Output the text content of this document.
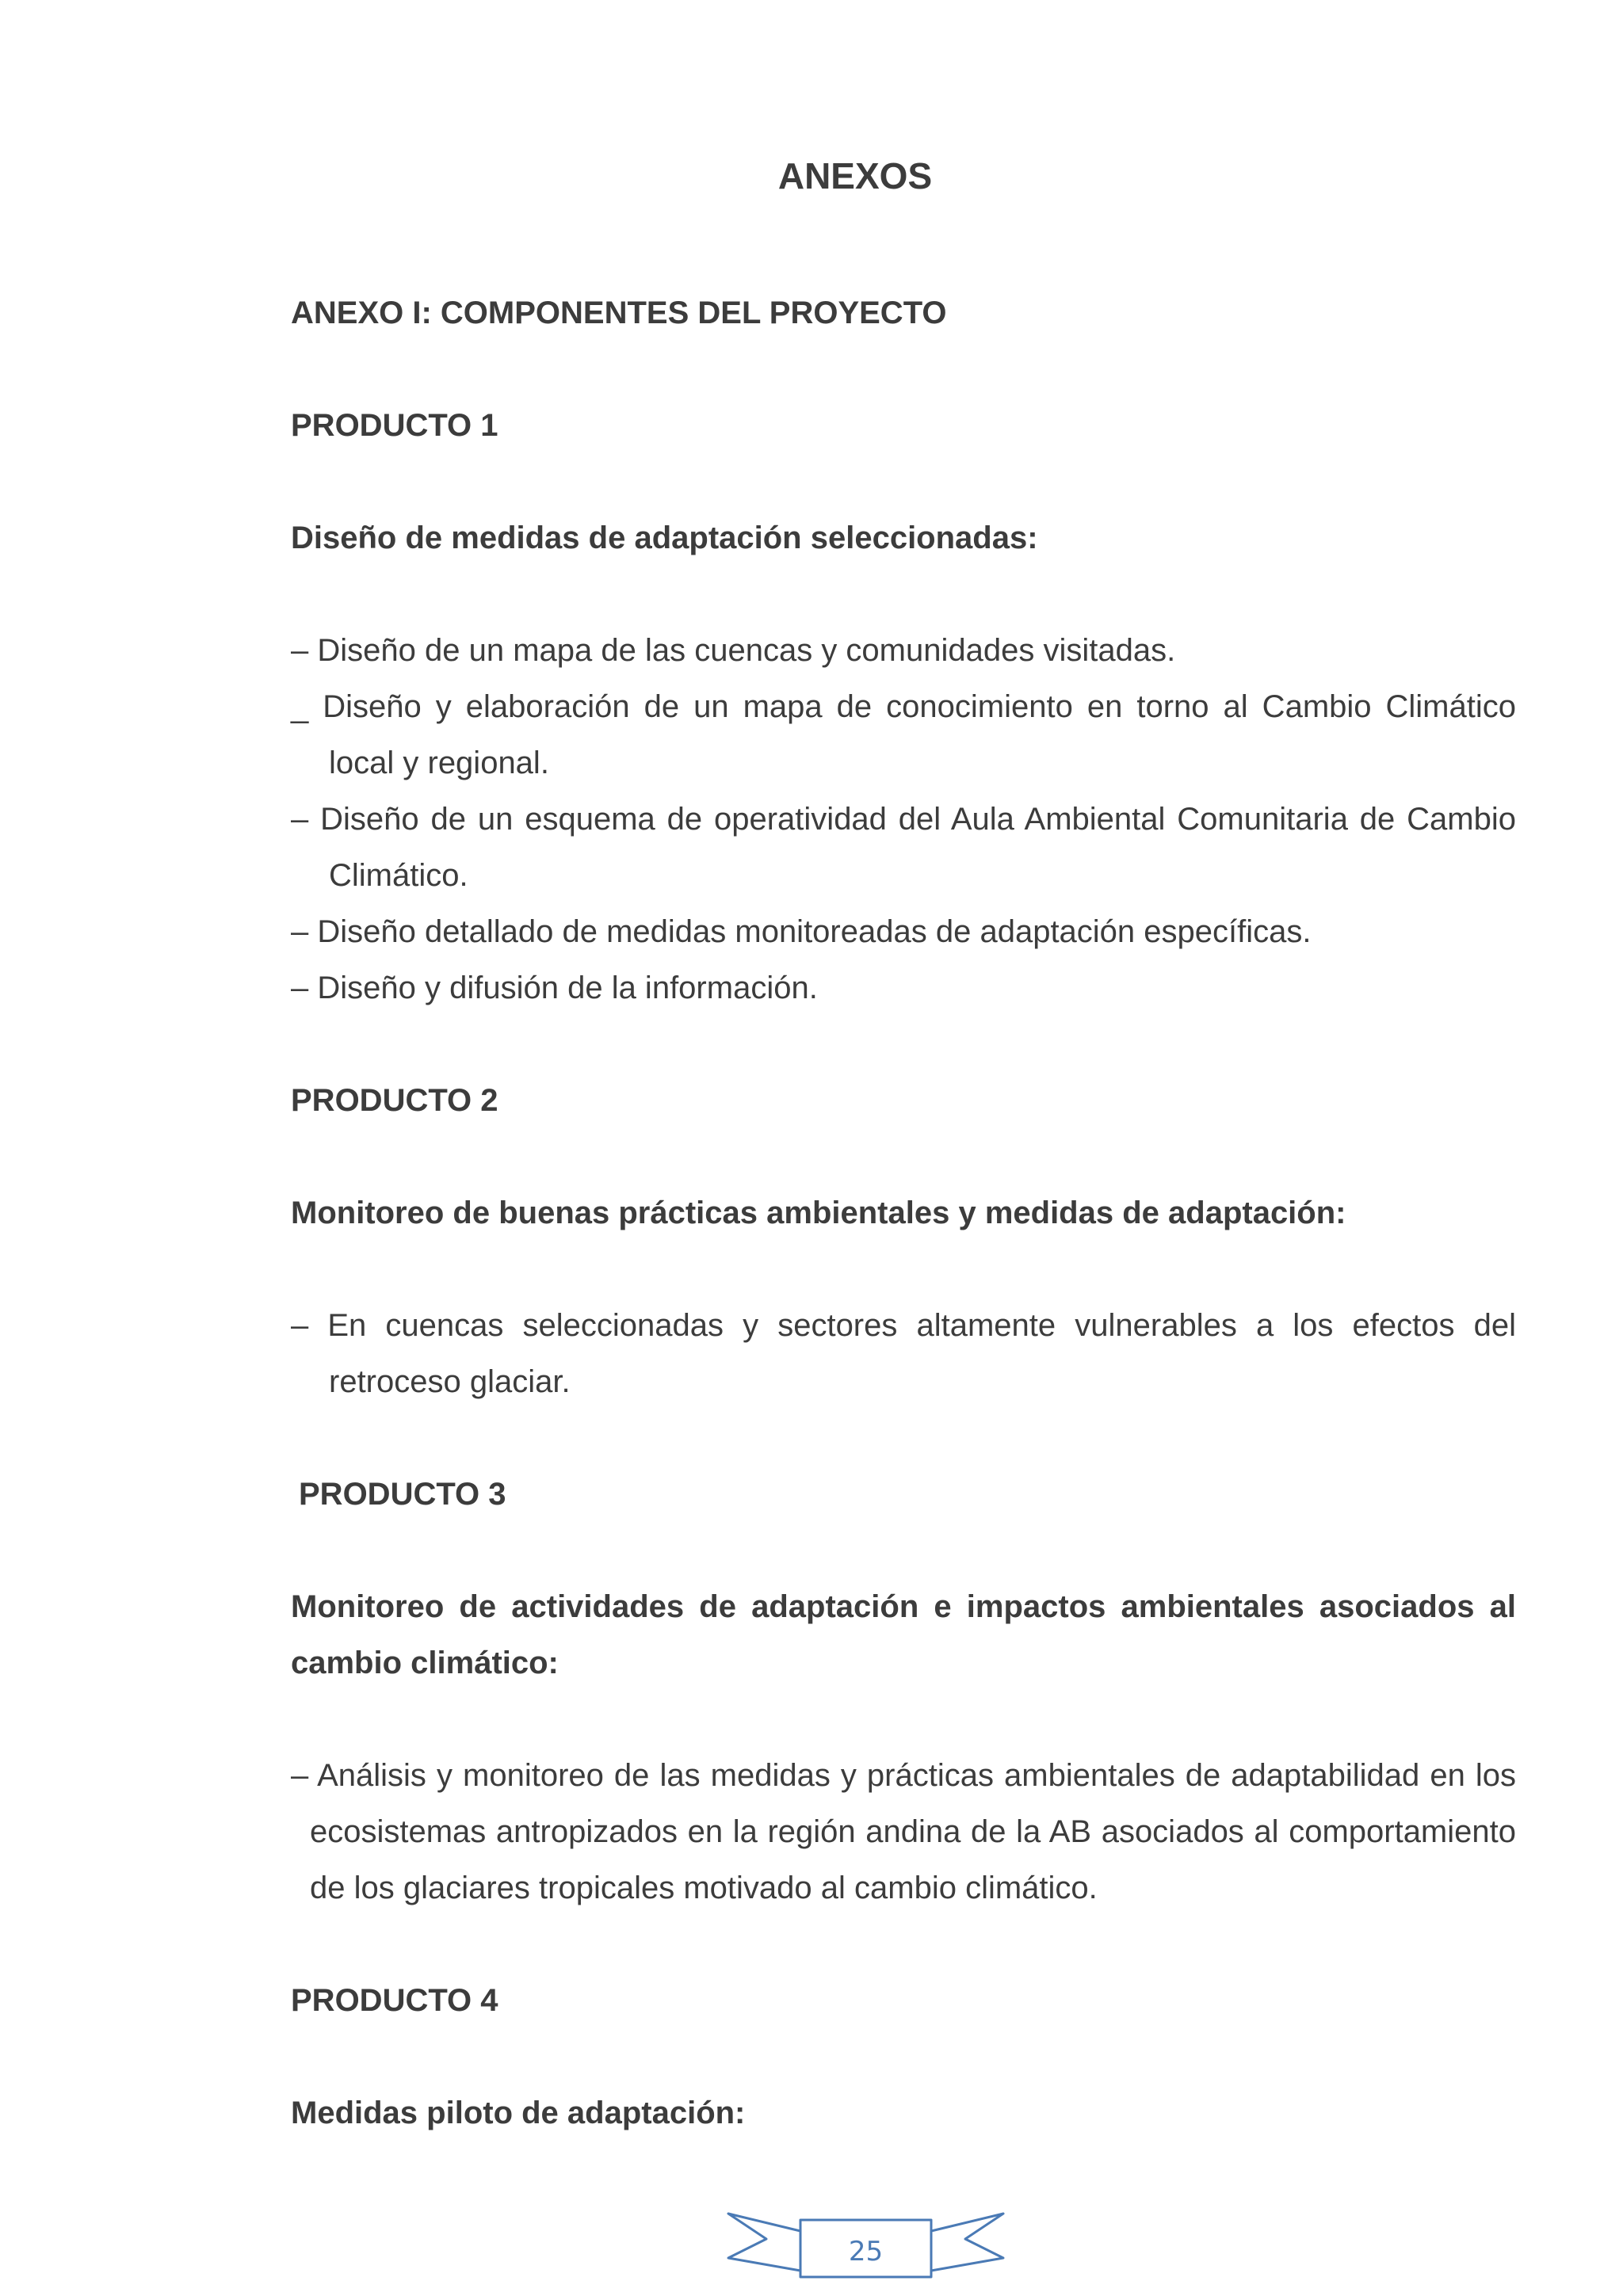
ANEXOS

ANEXO I: COMPONENTES DEL PROYECTO

PRODUCTO 1

Diseño de medidas de adaptación seleccionadas:

– Diseño de un mapa de las cuencas y comunidades visitadas.
_ Diseño y elaboración de un mapa de conocimiento en torno al Cambio Climático local y regional.
– Diseño de un esquema de operatividad del Aula Ambiental Comunitaria de Cambio Climático.
– Diseño detallado de medidas monitoreadas de adaptación específicas.
– Diseño y difusión de la información.

PRODUCTO 2

Monitoreo de buenas prácticas ambientales y medidas de adaptación:

– En cuencas seleccionadas y sectores altamente vulnerables a los efectos del retroceso glaciar.

PRODUCTO 3

Monitoreo de actividades de adaptación e impactos ambientales asociados al cambio climático:

– Análisis y monitoreo de las medidas y prácticas ambientales de adaptabilidad en los ecosistemas antropizados en la región andina de la AB asociados al comportamiento de los glaciares tropicales motivado al cambio climático.

PRODUCTO 4

Medidas piloto de adaptación:

25
